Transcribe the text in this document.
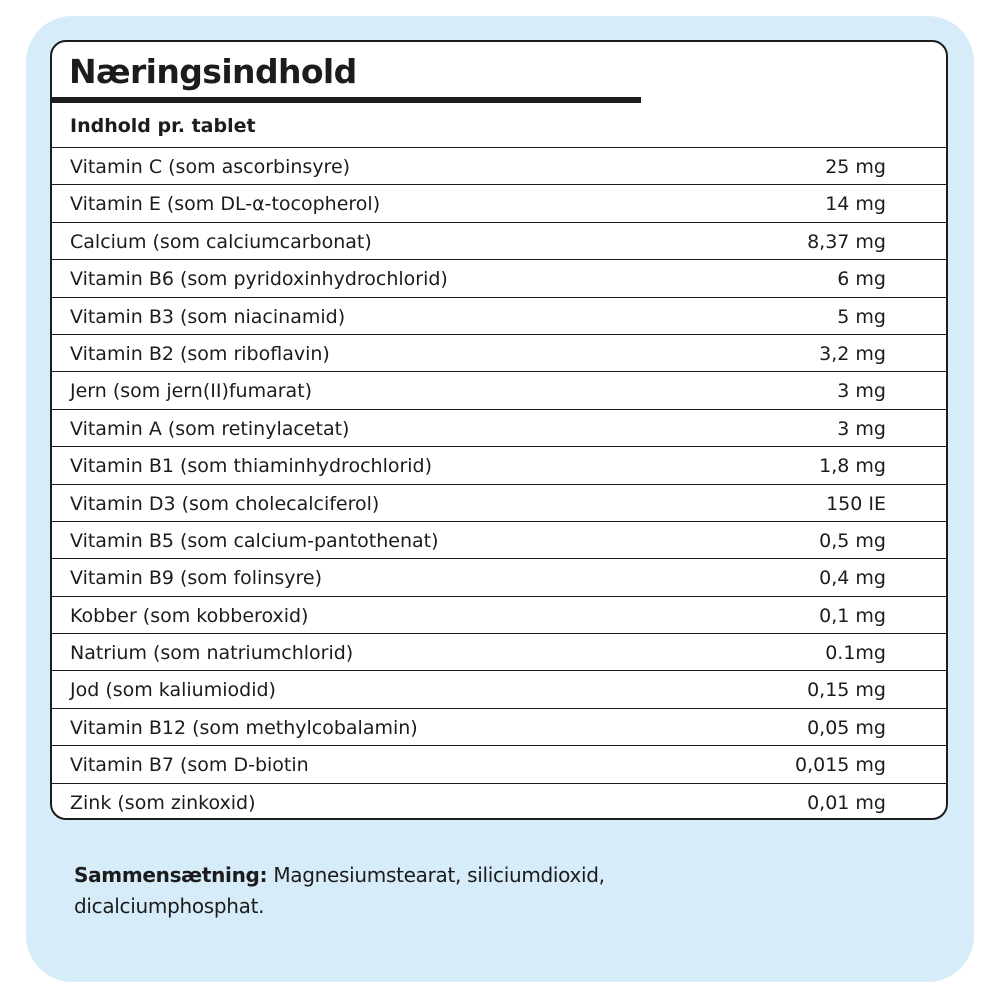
Næringsindhold
Indhold pr. tablet
Vitamin C (som ascorbinsyre)	25 mg
Vitamin E (som DL-α-tocopherol)	14 mg
Calcium (som calciumcarbonat)	8,37 mg
Vitamin B6 (som pyridoxinhydrochlorid)	6 mg
Vitamin B3 (som niacinamid)	5 mg
Vitamin B2 (som riboflavin)	3,2 mg
Jern (som jern(II)fumarat)	3 mg
Vitamin A (som retinylacetat)	3 mg
Vitamin B1 (som thiaminhydrochlorid)	1,8 mg
Vitamin D3 (som cholecalciferol)	150 IE
Vitamin B5 (som calcium-pantothenat)	0,5 mg
Vitamin B9 (som folinsyre)	0,4 mg
Kobber (som kobberoxid)	0,1 mg
Natrium (som natriumchlorid)	0.1mg
Jod (som kaliumiodid)	0,15 mg
Vitamin B12 (som methylcobalamin)	0,05 mg
Vitamin B7 (som D-biotin	0,015 mg
Zink (som zinkoxid)	0,01 mg

Sammensætning: Magnesiumstearat, siliciumdioxid, dicalciumphosphat.
